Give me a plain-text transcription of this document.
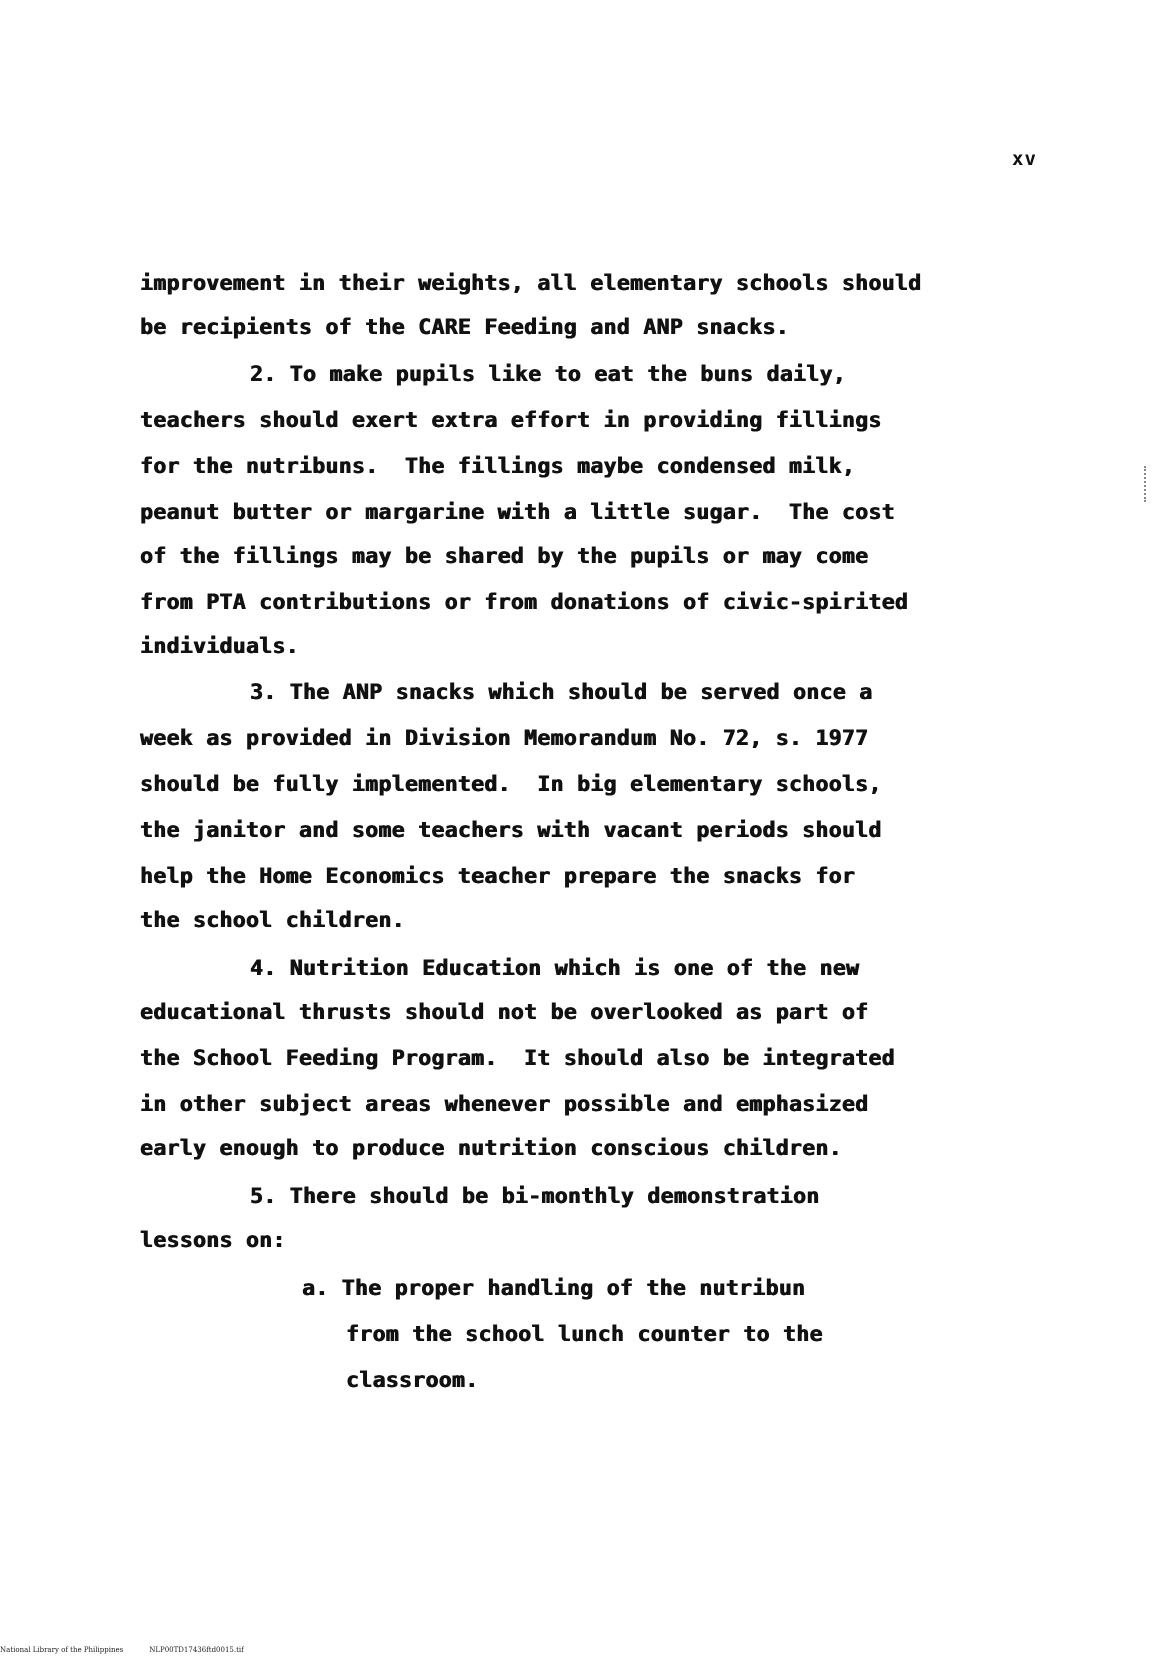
xv
improvement in their weights, all elementary schools should
be recipients of the CARE Feeding and ANP snacks.
2. To make pupils like to eat the buns daily,
teachers should exert extra effort in providing fillings
for the nutribuns.  The fillings maybe condensed milk,
peanut butter or margarine with a little sugar.  The cost
of the fillings may be shared by the pupils or may come
from PTA contributions or from donations of civic-spirited
individuals.
3. The ANP snacks which should be served once a
week as provided in Division Memorandum No. 72, s. 1977
should be fully implemented.  In big elementary schools,
the janitor and some teachers with vacant periods should
help the Home Economics teacher prepare the snacks for
the school children.
4. Nutrition Education which is one of the new
educational thrusts should not be overlooked as part of
the School Feeding Program.  It should also be integrated
in other subject areas whenever possible and emphasized
early enough to produce nutrition conscious children.
5. There should be bi-monthly demonstration
lessons on:
a. The proper handling of the nutribun
from the school lunch counter to the
classroom.
National Library of the Philippines	NLP00TD17436ftd0015.tif
